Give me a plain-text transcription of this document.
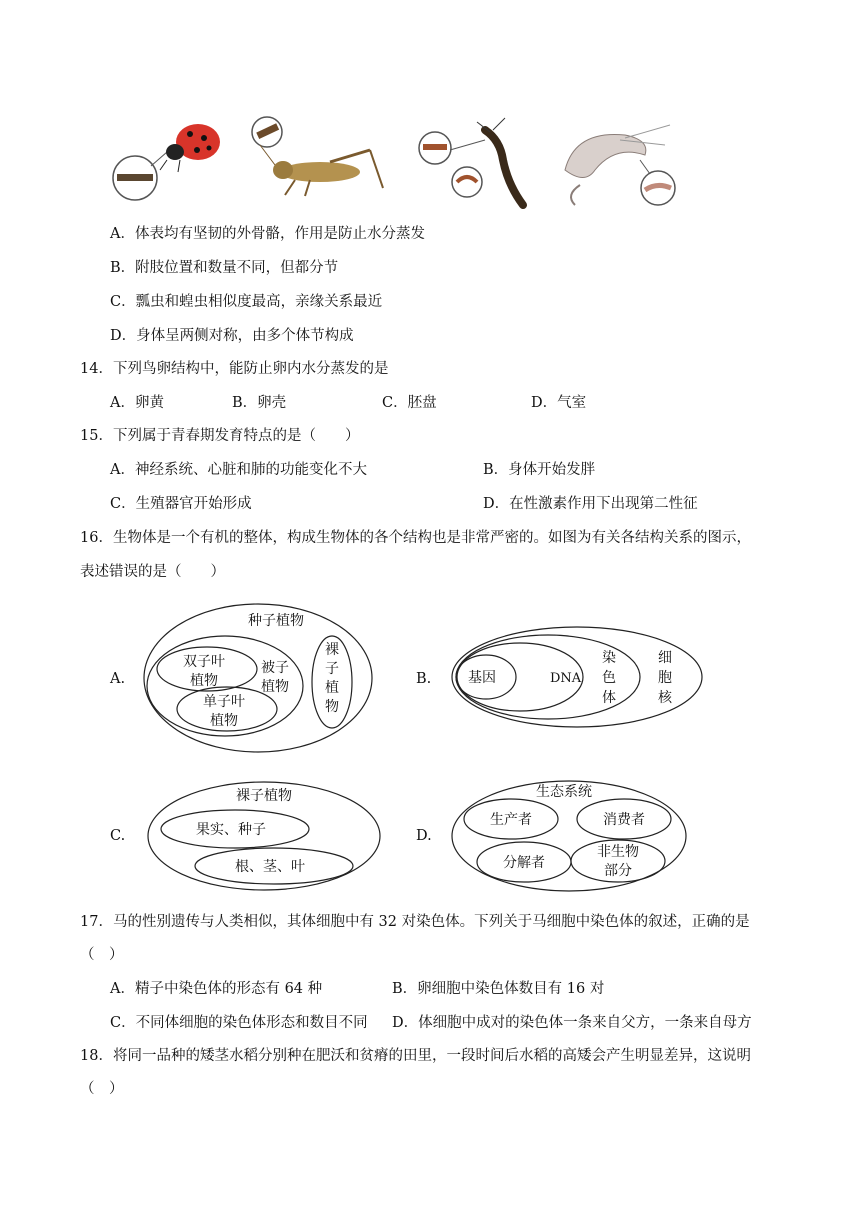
A．体表均有坚韧的外骨骼，作用是防止水分蒸发
B．附肢位置和数量不同，但都分节
C．瓢虫和蝗虫相似度最高，亲缘关系最近
D．身体呈两侧对称，由多个体节构成
14．下列鸟卵结构中，能防止卵内水分蒸发的是
A．卵黄	B．卵壳	C．胚盘	D．气室
15．下列属于青春期发育特点的是（　　）
A．神经系统、心脏和肺的功能变化不大	B．身体开始发胖
C．生殖器官开始形成	D．在性激素作用下出现第二性征
16．生物体是一个有机的整体，构成生物体的各个结构也是非常严密的。如图为有关各结构关系的图示，
表述错误的是（　　）
A.	B.
C.	D.
种子植物
被子
植物
双子叶
植物
单子叶
植物
裸
子
植
物
基因	DNA
染
色
体
细
胞
核
裸子植物
果实、种子
根、茎、叶
生态系统
生产者	消费者
分解者
非生物
部分
17．马的性别遗传与人类相似，其体细胞中有 32 对染色体。下列关于马细胞中染色体的叙述，正确的是
（　）
A．精子中染色体的形态有 64 种	B．卵细胞中染色体数目有 16 对
C．不同体细胞的染色体形态和数目不同 D．体细胞中成对的染色体一条来自父方，一条来自母方
18．将同一品种的矮茎水稻分别种在肥沃和贫瘠的田里，一段时间后水稻的高矮会产生明显差异，这说明
（　）
